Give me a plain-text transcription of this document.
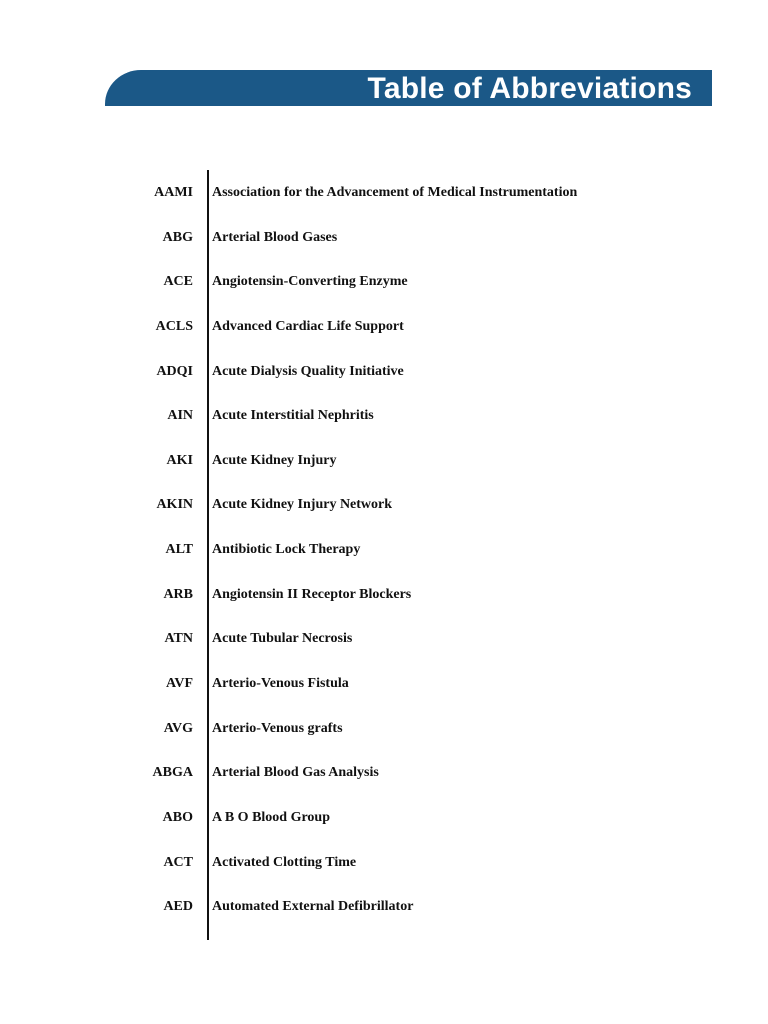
Table of Abbreviations
AAMI Association for the Advancement of Medical Instrumentation
ABG Arterial Blood Gases
ACE Angiotensin-Converting Enzyme
ACLS Advanced Cardiac Life Support
ADQI Acute Dialysis Quality Initiative
AIN Acute Interstitial Nephritis
AKI Acute Kidney Injury
AKIN Acute Kidney Injury Network
ALT Antibiotic Lock Therapy
ARB Angiotensin II Receptor Blockers
ATN Acute Tubular Necrosis
AVF Arterio-Venous Fistula
AVG Arterio-Venous grafts
ABGA Arterial Blood Gas Analysis
ABO A B O Blood Group
ACT Activated Clotting Time
AED Automated External Defibrillator
